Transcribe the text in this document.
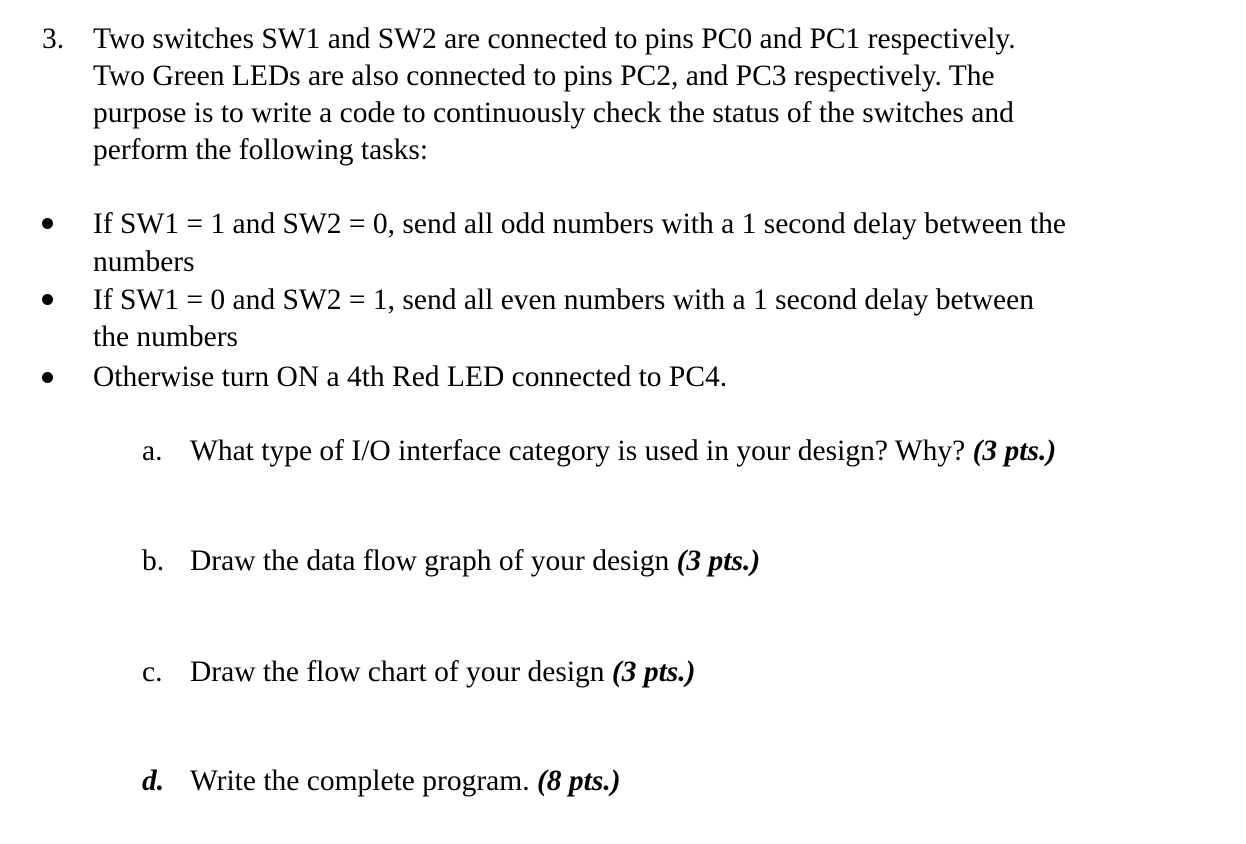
3. Two switches SW1 and SW2 are connected to pins PC0 and PC1 respectively.
Two Green LEDs are also connected to pins PC2, and PC3 respectively. The
purpose is to write a code to continuously check the status of the switches and
perform the following tasks:
If SW1 = 1 and SW2 = 0, send all odd numbers with a 1 second delay between the
numbers
If SW1 = 0 and SW2 = 1, send all even numbers with a 1 second delay between
the numbers
Otherwise turn ON a 4th Red LED connected to PC4.
a. What type of I/O interface category is used in your design? Why? (3 pts.)
b. Draw the data flow graph of your design (3 pts.)
c. Draw the flow chart of your design (3 pts.)
d. Write the complete program. (8 pts.)
